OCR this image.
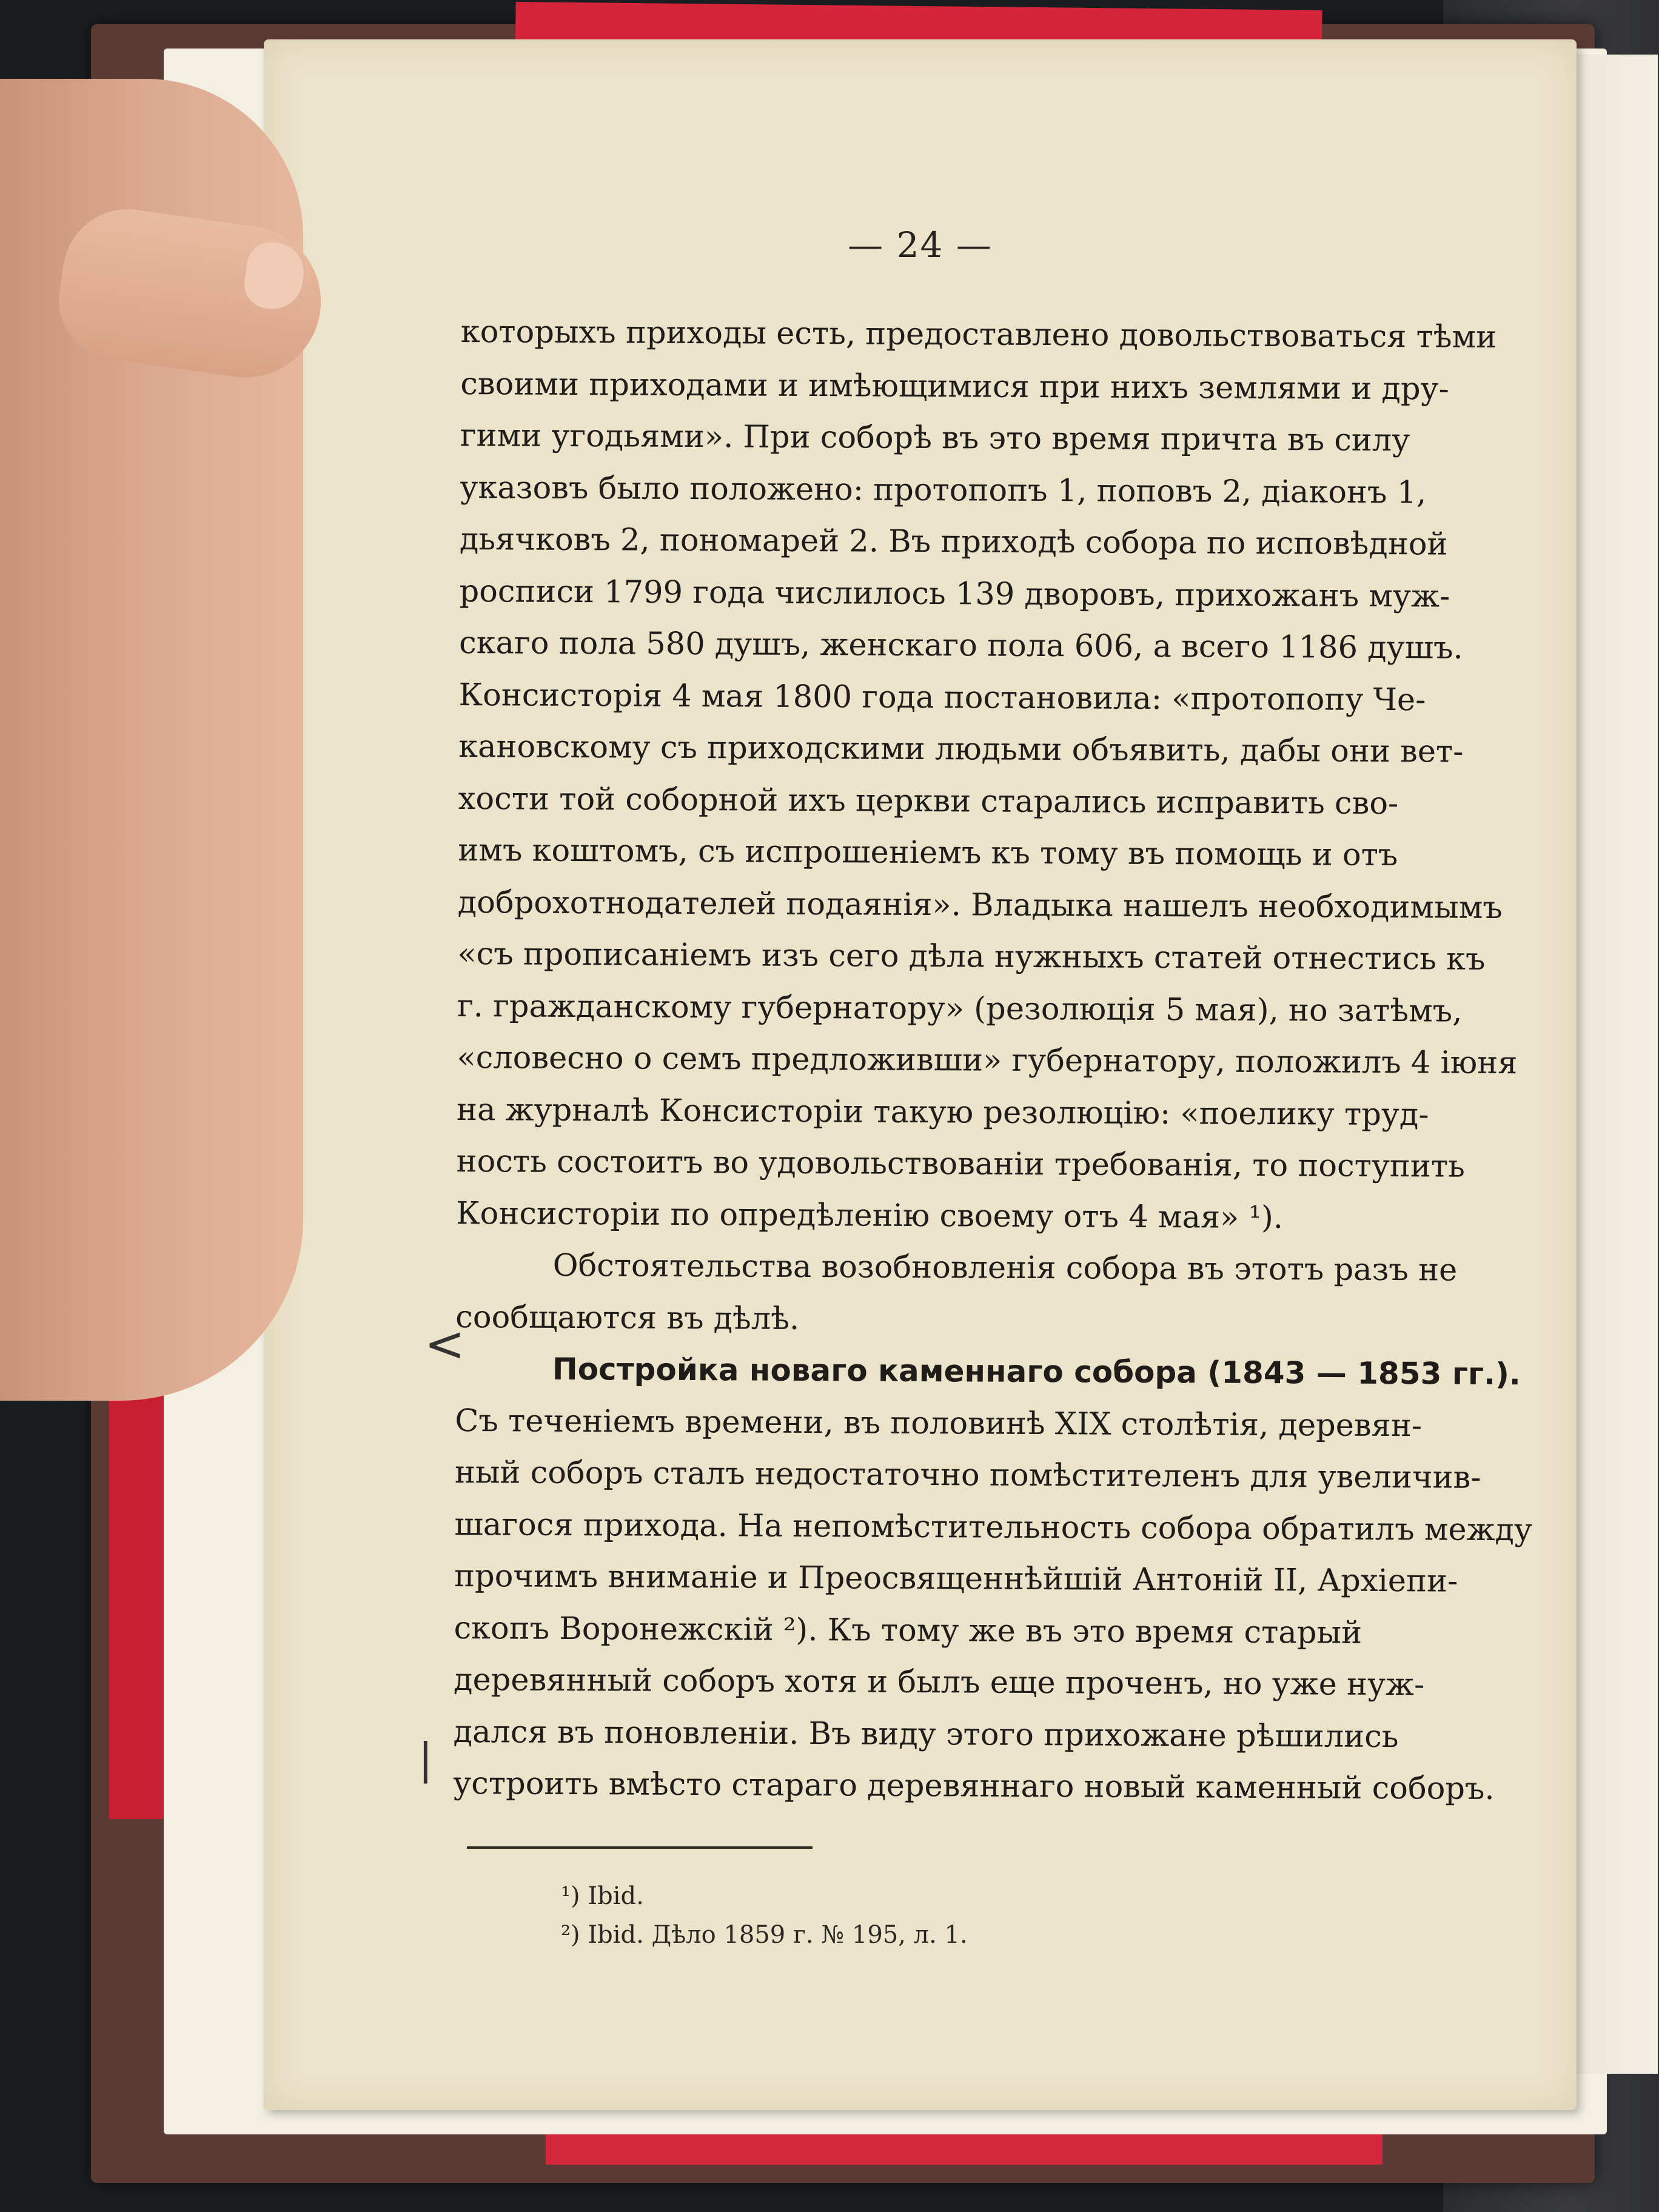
— 24 —
которыхъ приходы есть, предоставлено довольствоваться тѣми
своими приходами и имѣющимися при нихъ землями и дру-
гими угодьями». При соборѣ въ это время причта въ силу
указовъ было положено: протопопъ 1, поповъ 2, діаконъ 1,
дьячковъ 2, пономарей 2. Въ приходѣ собора по исповѣдной
росписи 1799 года числилось 139 дворовъ, прихожанъ муж-
скаго пола 580 душъ, женскаго пола 606, а всего 1186 душъ.
Консисторія 4 мая 1800 года постановила: «протопопу Че-
кановскому съ приходскими людьми объявить, дабы они вет-
хости той соборной ихъ церкви старались исправить сво-
имъ коштомъ, съ испрошеніемъ къ тому въ помощь и отъ
доброхотнодателей подаянія». Владыка нашелъ необходимымъ
«съ прописаніемъ изъ сего дѣла нужныхъ статей отнестись къ
г. гражданскому губернатору» (резолюція 5 мая), но затѣмъ,
«словесно о семъ предложивши» губернатору, положилъ 4 іюня
на журналѣ Консисторіи такую резолюцію: «поелику труд-
ность состоитъ во удовольствованіи требованія, то поступить
Консисторіи по опредѣленію своему отъ 4 мая» ¹).
Обстоятельства возобновленія собора въ этотъ разъ не
сообщаются въ дѣлѣ.
Постройка новаго каменнаго собора (1843 — 1853 гг.).
Съ теченіемъ времени, въ половинѣ XIX столѣтія, деревян-
ный соборъ сталъ недостаточно помѣстителенъ для увеличив-
шагося прихода. На непомѣстительность собора обратилъ между
прочимъ вниманіе и Преосвященнѣйшій Антоній II, Архіепи-
скопъ Воронежскій ²). Къ тому же въ это время старый
деревянный соборъ хотя и былъ еще проченъ, но уже нуж-
дался въ поновленіи. Въ виду этого прихожане рѣшились
устроить вмѣсто стараго деревяннаго новый каменный соборъ.
¹) Ibid.
²) Ibid. Дѣло 1859 г. № 195, л. 1.
<
|
